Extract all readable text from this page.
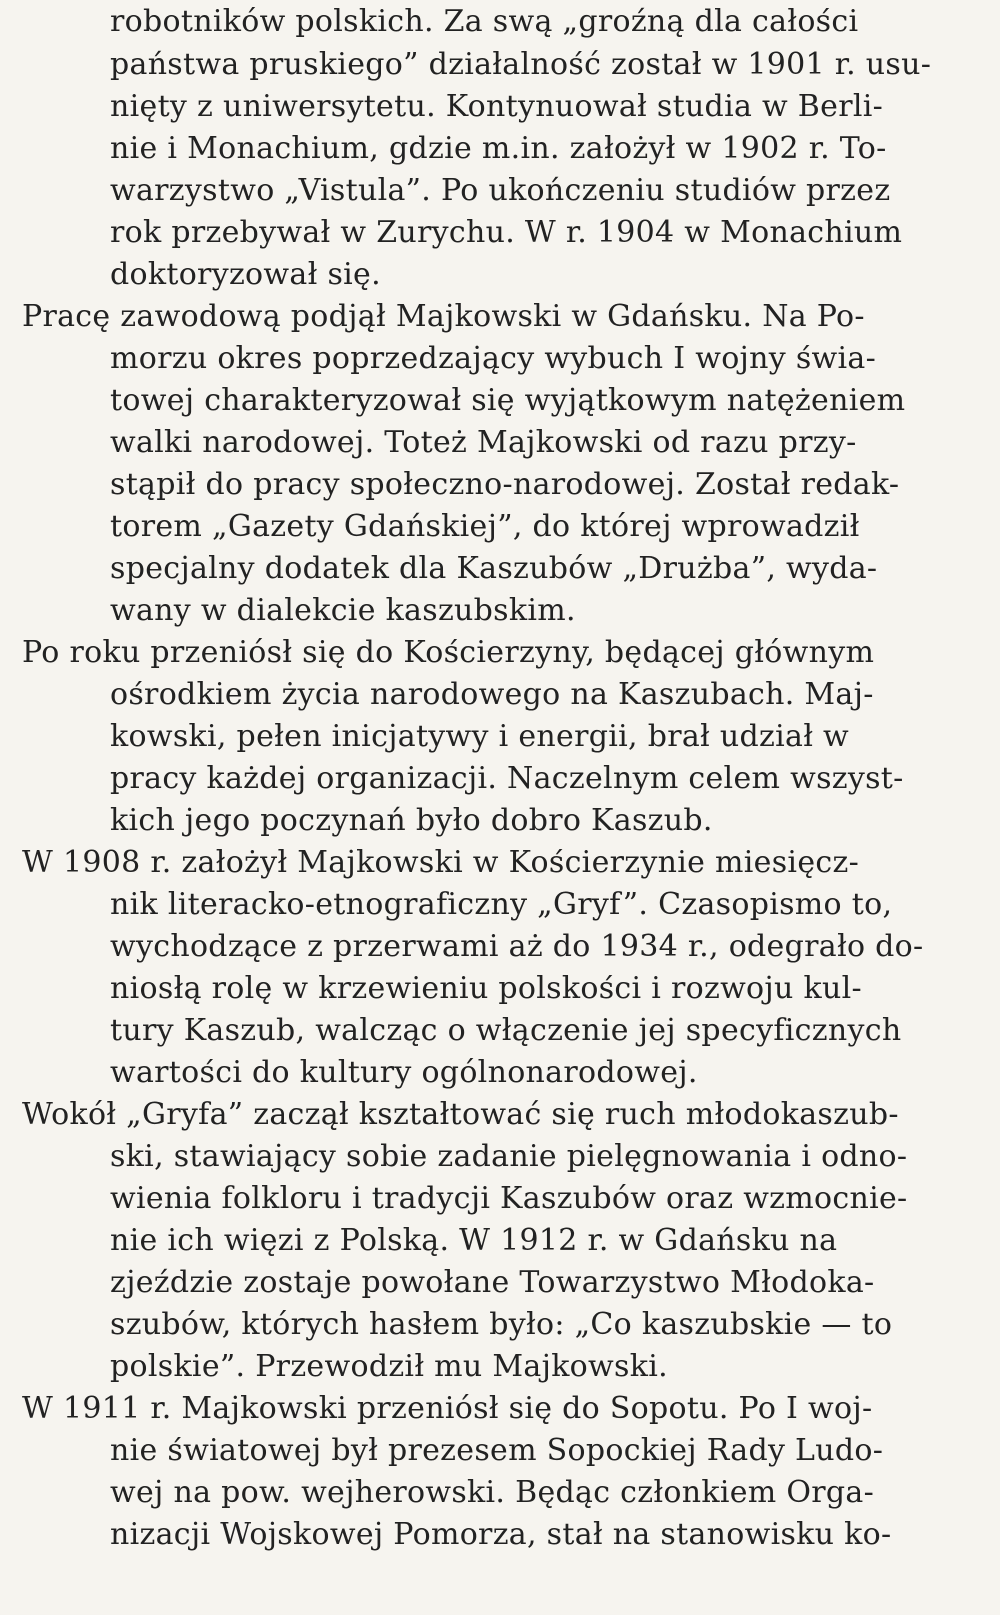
robotników polskich. Za swą „groźną dla całości
państwa pruskiego” działalność został w 1901 r. usu-
nięty z uniwersytetu. Kontynuował studia w Berli-
nie i Monachium, gdzie m.in. założył w 1902 r. To-
warzystwo „Vistula”. Po ukończeniu studiów przez
rok przebywał w Zurychu. W r. 1904 w Monachium
doktoryzował się.
Pracę zawodową podjął Majkowski w Gdańsku. Na Po-
morzu okres poprzedzający wybuch I wojny świa-
towej charakteryzował się wyjątkowym natężeniem
walki narodowej. Toteż Majkowski od razu przy-
stąpił do pracy społeczno-narodowej. Został redak-
torem „Gazety Gdańskiej”, do której wprowadził
specjalny dodatek dla Kaszubów „Drużba”, wyda-
wany w dialekcie kaszubskim.
Po roku przeniósł się do Kościerzyny, będącej głównym
ośrodkiem życia narodowego na Kaszubach. Maj-
kowski, pełen inicjatywy i energii, brał udział w
pracy każdej organizacji. Naczelnym celem wszyst-
kich jego poczynań było dobro Kaszub.
W 1908 r. założył Majkowski w Kościerzynie miesięcz-
nik literacko-etnograficzny „Gryf”. Czasopismo to,
wychodzące z przerwami aż do 1934 r., odegrało do-
niosłą rolę w krzewieniu polskości i rozwoju kul-
tury Kaszub, walcząc o włączenie jej specyficznych
wartości do kultury ogólnonarodowej.
Wokół „Gryfa” zaczął kształtować się ruch młodokaszub-
ski, stawiający sobie zadanie pielęgnowania i odno-
wienia folkloru i tradycji Kaszubów oraz wzmocnie-
nie ich więzi z Polską. W 1912 r. w Gdańsku na
zjeździe zostaje powołane Towarzystwo Młodoka-
szubów, których hasłem było: „Co kaszubskie — to
polskie”. Przewodził mu Majkowski.
W 1911 r. Majkowski przeniósł się do Sopotu. Po I woj-
nie światowej był prezesem Sopockiej Rady Ludo-
wej na pow. wejherowski. Będąc członkiem Orga-
nizacji Wojskowej Pomorza, stał na stanowisku ko-
